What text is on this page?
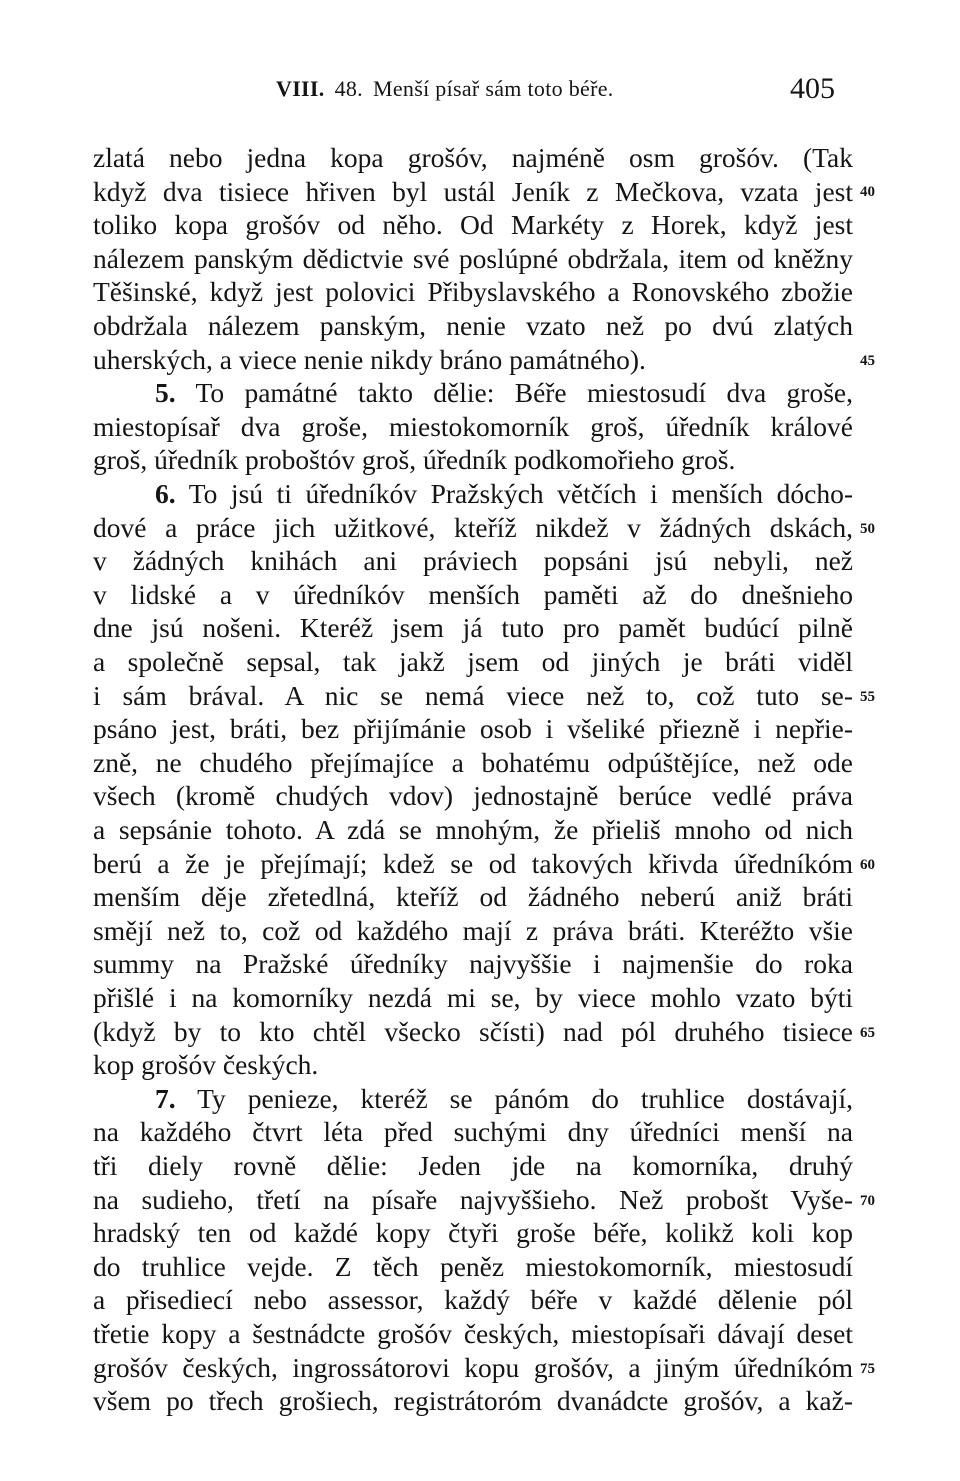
VIII. 48. Menší písař sám toto béře.	405
zlatá nebo jedna kopa grošóv, najméně osm grošóv. (Tak
když dva tisiece hřiven byl ustál Jeník z Mečkova, vzata jest
toliko kopa grošóv od něho. Od Markéty z Horek, když jest
nálezem panským dědictvie své poslúpné obdržala, item od kněžny
Těšinské, když jest polovici Přibyslavského a Ronovského zbožie
obdržala nálezem panským, nenie vzato než po dvú zlatých
uherských, a viece nenie nikdy bráno památného).
5. To památné takto dělie: Béře miestosudí dva groše,
miestopísař dva groše, miestokomorník groš, úředník králové
groš, úředník proboštóv groš, úředník podkomořieho groš.
6. To jsú ti úředníkóv Pražských větčích i menších dócho-
dové a práce jich užitkové, kteříž nikdež v žádných dskách,
v žádných knihách ani práviech popsáni jsú nebyli, než
v lidské a v úředníkóv menších paměti až do dnešnieho
dne jsú nošeni. Kteréž jsem já tuto pro pamět budúcí pilně
a společně sepsal, tak jakž jsem od jiných je bráti viděl
i sám brával. A nic se nemá viece než to, což tuto se-
psáno jest, bráti, bez přijímánie osob i všeliké přiezně i nepřie-
zně, ne chudého přejímajíce a bohatému odpúštějíce, než ode
všech (kromě chudých vdov) jednostajně berúce vedlé práva
a sepsánie tohoto. A zdá se mnohým, že přieliš mnoho od nich
berú a že je přejímají; kdež se od takových křivda úředníkóm
menším děje zřetedlná, kteříž od žádného neberú aniž bráti
smějí než to, což od každého mají z práva bráti. Kteréžto všie
summy na Pražské úředníky najvyššie i najmenšie do roka
přišlé i na komorníky nezdá mi se, by viece mohlo vzato býti
(když by to kto chtěl všecko sčísti) nad pól druhého tisiece
kop grošóv českých.
7. Ty penieze, kteréž se pánóm do truhlice dostávají,
na každého čtvrt léta před suchými dny úředníci menší na
tři diely rovně dělie: Jeden jde na komorníka, druhý
na sudieho, třetí na písaře najvyššieho. Než probošt Vyše-
hradský ten od každé kopy čtyři groše béře, kolikž koli kop
do truhlice vejde. Z těch peněz miestokomorník, miestosudí
a přisediecí nebo assessor, každý béře v každé dělenie pól
třetie kopy a šestnádcte grošóv českých, miestopísaři dávají deset
grošóv českých, ingrossátorovi kopu grošóv, a jiným úředníkóm
všem po třech grošiech, registrátoróm dvanádcte grošóv, a kaž-
40
45
50
55
60
65
70
75
